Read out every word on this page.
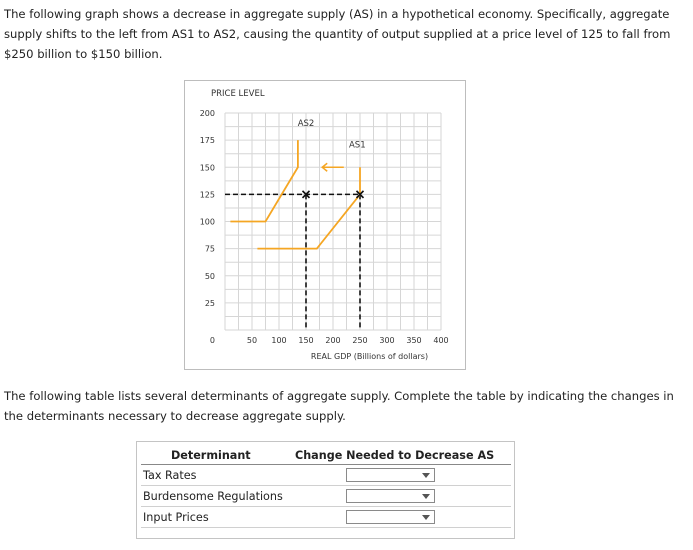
The following graph shows a decrease in aggregate supply (AS) in a hypothetical economy. Specifically, aggregate supply shifts to the left from AS1 to AS2, causing the quantity of output supplied at a price level of 125 to fall from $250 billion to $150 billion.

PRICE LEVEL
0
25
50
75
100
125
150
175
200
50 100 150 200 250 300 350 400
REAL GDP (Billions of dollars)
AS2
AS1

The following table lists several determinants of aggregate supply. Complete the table by indicating the changes in the determinants necessary to decrease aggregate supply.

Determinant	Change Needed to Decrease AS
Tax Rates
Burdensome Regulations
Input Prices
